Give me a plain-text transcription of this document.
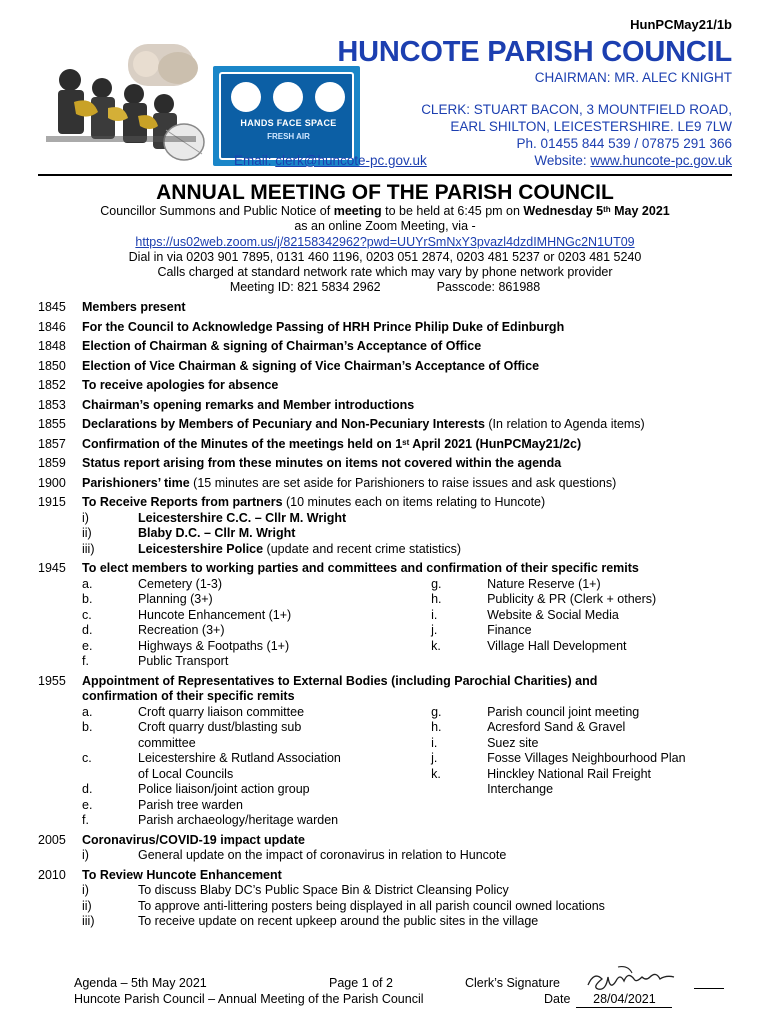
HunPCMay21/1b
HANDS FACE SPACE
FRESH AIR
HUNCOTE PARISH COUNCIL
CHAIRMAN: MR. ALEC KNIGHT
CLERK: STUART BACON, 3 MOUNTFIELD ROAD,
EARL SHILTON, LEICESTERSHIRE. LE9 7LW
Ph. 01455 844 539 / 07875 291 366
Email: clerk@huncote-pc.gov.uk	Website: www.huncote-pc.gov.uk
ANNUAL MEETING OF THE PARISH COUNCIL
Councillor Summons and Public Notice of meeting to be held at 6:45 pm on Wednesday 5th May 2021
as an online Zoom Meeting, via -
https://us02web.zoom.us/j/82158342962?pwd=UUYrSmNxY3pvazl4dzdIMHNGc2N1UT09
Dial in via 0203 901 7895, 0131 460 1196, 0203 051 2874, 0203 481 5237 or 0203 481 5240
Calls charged at standard network rate which may vary by phone network provider
Meeting ID: 821 5834 2962	Passcode: 861988
1845 Members present
1846 For the Council to Acknowledge Passing of HRH Prince Philip Duke of Edinburgh
1848 Election of Chairman & signing of Chairman’s Acceptance of Office
1850 Election of Vice Chairman & signing of Vice Chairman’s Acceptance of Office
1852 To receive apologies for absence
1853 Chairman’s opening remarks and Member introductions
1855 Declarations by Members of Pecuniary and Non-Pecuniary Interests (In relation to Agenda items)
1857 Confirmation of the Minutes of the meetings held on 1st April 2021 (HunPCMay21/2c)
1859 Status report arising from these minutes on items not covered within the agenda
1900 Parishioners’ time (15 minutes are set aside for Parishioners to raise issues and ask questions)
1915 To Receive Reports from partners (10 minutes each on items relating to Huncote)
i)	Leicestershire C.C. – Cllr M. Wright
ii)	Blaby D.C. – Cllr M. Wright
iii)	Leicestershire Police (update and recent crime statistics)
1945 To elect members to working parties and committees and confirmation of their specific remits
a.	Cemetery (1-3)
b.	Planning (3+)
c.	Huncote Enhancement (1+)
d.	Recreation (3+)
e.	Highways & Footpaths (1+)
f.	Public Transport
g.	Nature Reserve (1+)
h.	Publicity & PR (Clerk + others)
i.	Website & Social Media
j.	Finance
k.	Village Hall Development
1955 Appointment of Representatives to External Bodies (including Parochial Charities) and confirmation of their specific remits
a.	Croft quarry liaison committee
b.	Croft quarry dust/blasting sub committee
c.	Leicestershire & Rutland Association of Local Councils
d.	Police liaison/joint action group
e.	Parish tree warden
f.	Parish archaeology/heritage warden
g.	Parish council joint meeting
h.	Acresford Sand & Gravel
i.	Suez site
j.	Fosse Villages Neighbourhood Plan
k.	Hinckley National Rail Freight Interchange
2005 Coronavirus/COVID-19 impact update
i)	General update on the impact of coronavirus in relation to Huncote
2010 To Review Huncote Enhancement
i)	To discuss Blaby DC’s Public Space Bin & District Cleansing Policy
ii)	To approve anti-littering posters being displayed in all parish council owned locations
iii)	To receive update on recent upkeep around the public sites in the village
Agenda – 5th May 2021	Page 1 of 2	Clerk’s Signature
Huncote Parish Council – Annual Meeting of the Parish Council	Date 28/04/2021
